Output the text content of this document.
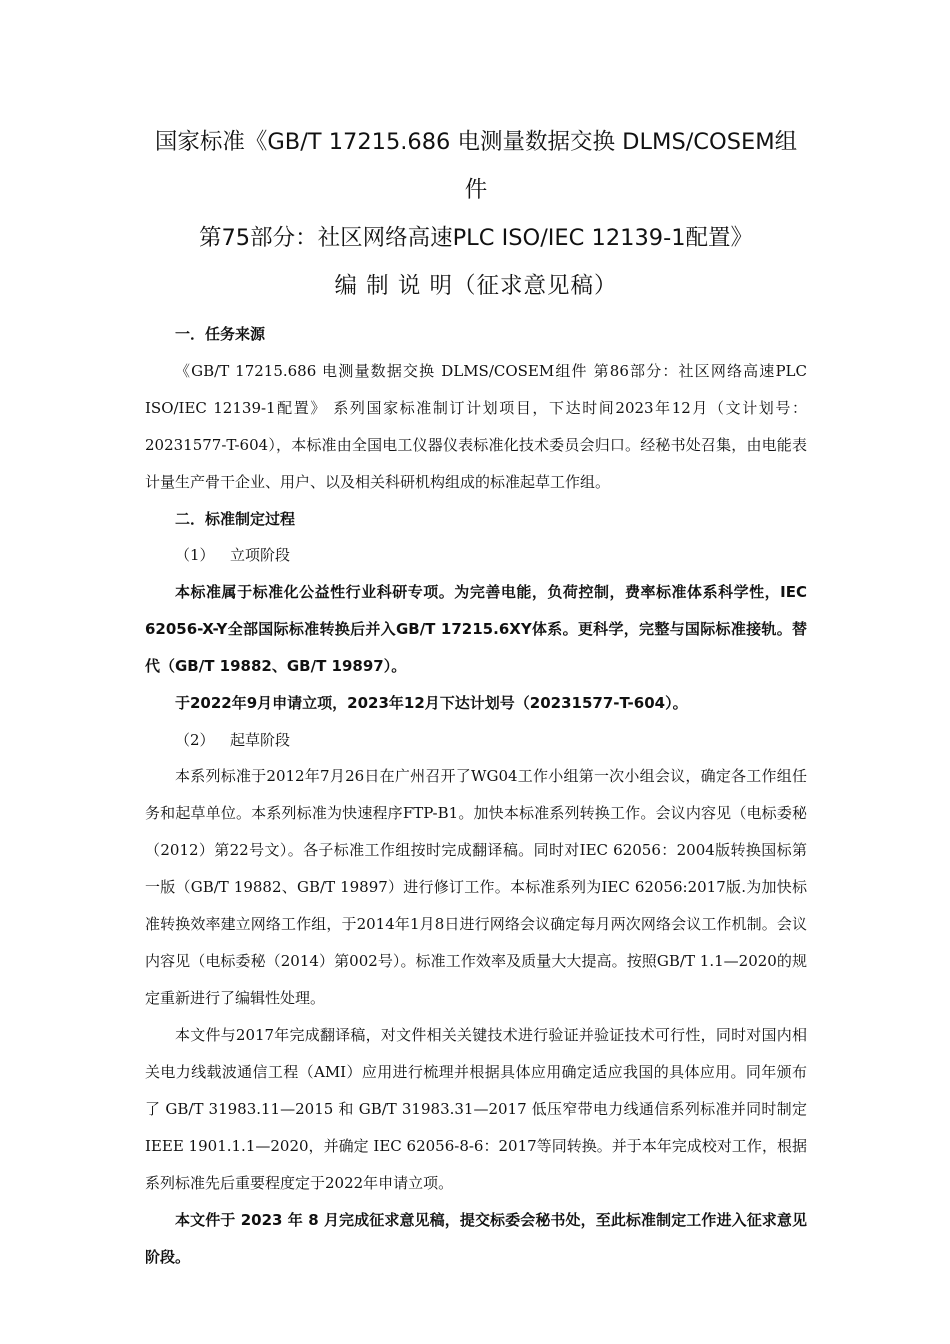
国家标准《GB/T 17215.686 电测量数据交换 DLMS/COSEM组件
第75部分：社区网络高速PLC ISO/IEC 12139-1配置》
编 制 说 明（征求意见稿）

一．任务来源

《GB/T 17215.686 电测量数据交换 DLMS/COSEM组件 第86部分：社区网络高速PLC ISO/IEC 12139-1配置》 系列国家标准制订计划项目，下达时间2023年12月（文计划号：20231577-T-604），本标准由全国电工仪器仪表标准化技术委员会归口。经秘书处召集，由电能表计量生产骨干企业、用户、以及相关科研机构组成的标准起草工作组。

二．标准制定过程

（1） 立项阶段

本标准属于标准化公益性行业科研专项。为完善电能，负荷控制，费率标准体系科学性，IEC 62056-X-Y全部国际标准转换后并入GB/T 17215.6XY体系。更科学，完整与国际标准接轨。替代（GB/T 19882、GB/T 19897）。

于2022年9月申请立项，2023年12月下达计划号（20231577-T-604）。

（2） 起草阶段

本系列标准于2012年7月26日在广州召开了WG04工作小组第一次小组会议，确定各工作组任务和起草单位。本系列标准为快速程序FTP-B1。加快本标准系列转换工作。会议内容见（电标委秘（2012）第22号文）。各子标准工作组按时完成翻译稿。同时对IEC 62056：2004版转换国标第一版（GB/T 19882、GB/T 19897）进行修订工作。本标准系列为IEC 62056:2017版.为加快标准转换效率建立网络工作组，于2014年1月8日进行网络会议确定每月两次网络会议工作机制。会议内容见（电标委秘（2014）第002号）。标准工作效率及质量大大提高。按照GB/T 1.1—2020的规定重新进行了编辑性处理。

本文件与2017年完成翻译稿，对文件相关关键技术进行验证并验证技术可行性，同时对国内相关电力线载波通信工程（AMI）应用进行梳理并根据具体应用确定适应我国的具体应用。同年颁布了 GB/T 31983.11—2015 和 GB/T 31983.31—2017 低压窄带电力线通信系列标准并同时制定 IEEE 1901.1.1—2020，并确定 IEC 62056-8-6：2017等同转换。并于本年完成校对工作，根据系列标准先后重要程度定于2022年申请立项。

本文件于 2023 年 8 月完成征求意见稿，提交标委会秘书处，至此标准制定工作进入征求意见阶段。
